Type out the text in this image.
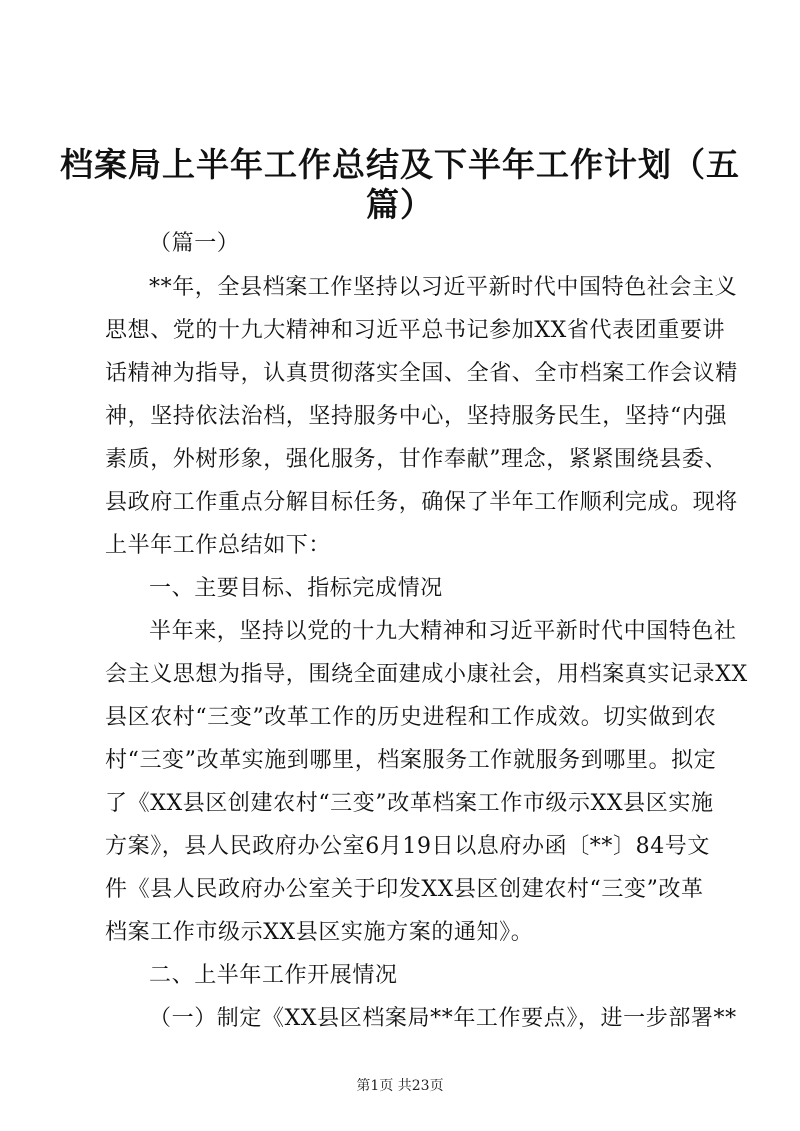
档案局上半年工作总结及下半年工作计划（五
篇）
（篇一）
**年，全县档案工作坚持以习近平新时代中国特色社会主义
思想、党的十九大精神和习近平总书记参加XX省代表团重要讲
话精神为指导，认真贯彻落实全国、全省、全市档案工作会议精
神，坚持依法治档，坚持服务中心，坚持服务民生，坚持“内强
素质，外树形象，强化服务，甘作奉献”理念，紧紧围绕县委、
县政府工作重点分解目标任务，确保了半年工作顺利完成。现将
上半年工作总结如下：
一、主要目标、指标完成情况
半年来，坚持以党的十九大精神和习近平新时代中国特色社
会主义思想为指导，围绕全面建成小康社会，用档案真实记录XX
县区农村“三变”改革工作的历史进程和工作成效。切实做到农
村“三变”改革实施到哪里，档案服务工作就服务到哪里。拟定
了《XX县区创建农村“三变”改革档案工作市级示XX县区实施
方案》，县人民政府办公室6月19日以息府办函〔**〕84号文
件《县人民政府办公室关于印发XX县区创建农村“三变”改革
档案工作市级示XX县区实施方案的通知》。
二、上半年工作开展情况
（一）制定《XX县区档案局**年工作要点》，进一步部署**
第1页 共23页
